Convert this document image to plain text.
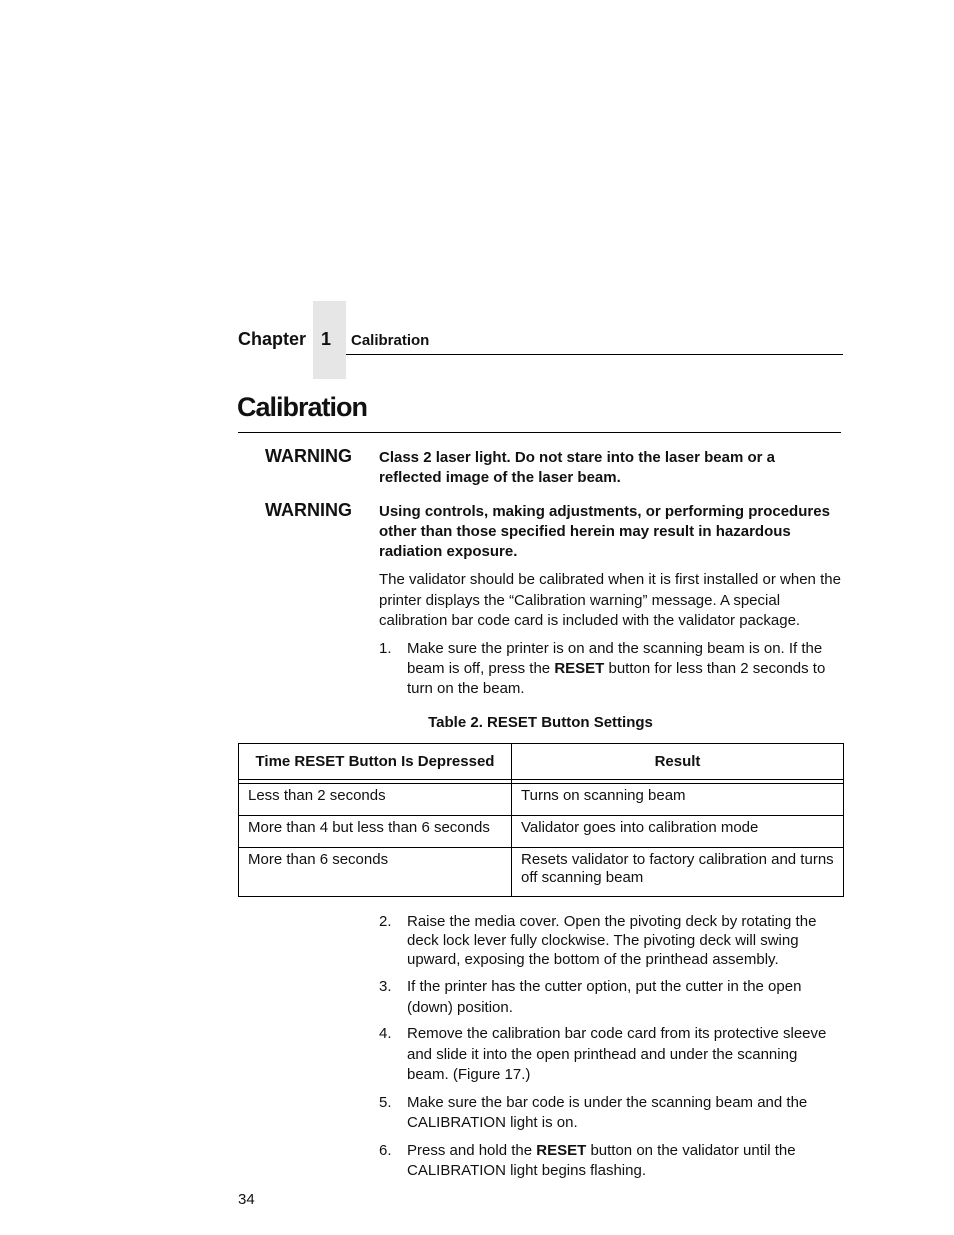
Chapter 1 Calibration
Calibration
WARNING Class 2 laser light. Do not stare into the laser beam or a reflected image of the laser beam.
WARNING Using controls, making adjustments, or performing procedures other than those specified herein may result in hazardous radiation exposure.
The validator should be calibrated when it is first installed or when the printer displays the “Calibration warning” message. A special calibration bar code card is included with the validator package.
1. Make sure the printer is on and the scanning beam is on. If the beam is off, press the RESET button for less than 2 seconds to turn on the beam.
Table 2. RESET Button Settings
Time RESET Button Is Depressed	Result

Less than 2 seconds	Turns on scanning beam
More than 4 but less than 6 seconds	Validator goes into calibration mode
More than 6 seconds	Resets validator to factory calibration and turns off scanning beam
2. Raise the media cover. Open the pivoting deck by rotating the deck lock lever fully clockwise. The pivoting deck will swing upward, exposing the bottom of the printhead assembly.
3. If the printer has the cutter option, put the cutter in the open (down) position.
4. Remove the calibration bar code card from its protective sleeve and slide it into the open printhead and under the scanning beam. (Figure 17.)
5. Make sure the bar code is under the scanning beam and the CALIBRATION light is on.
6. Press and hold the RESET button on the validator until the CALIBRATION light begins flashing.
34
